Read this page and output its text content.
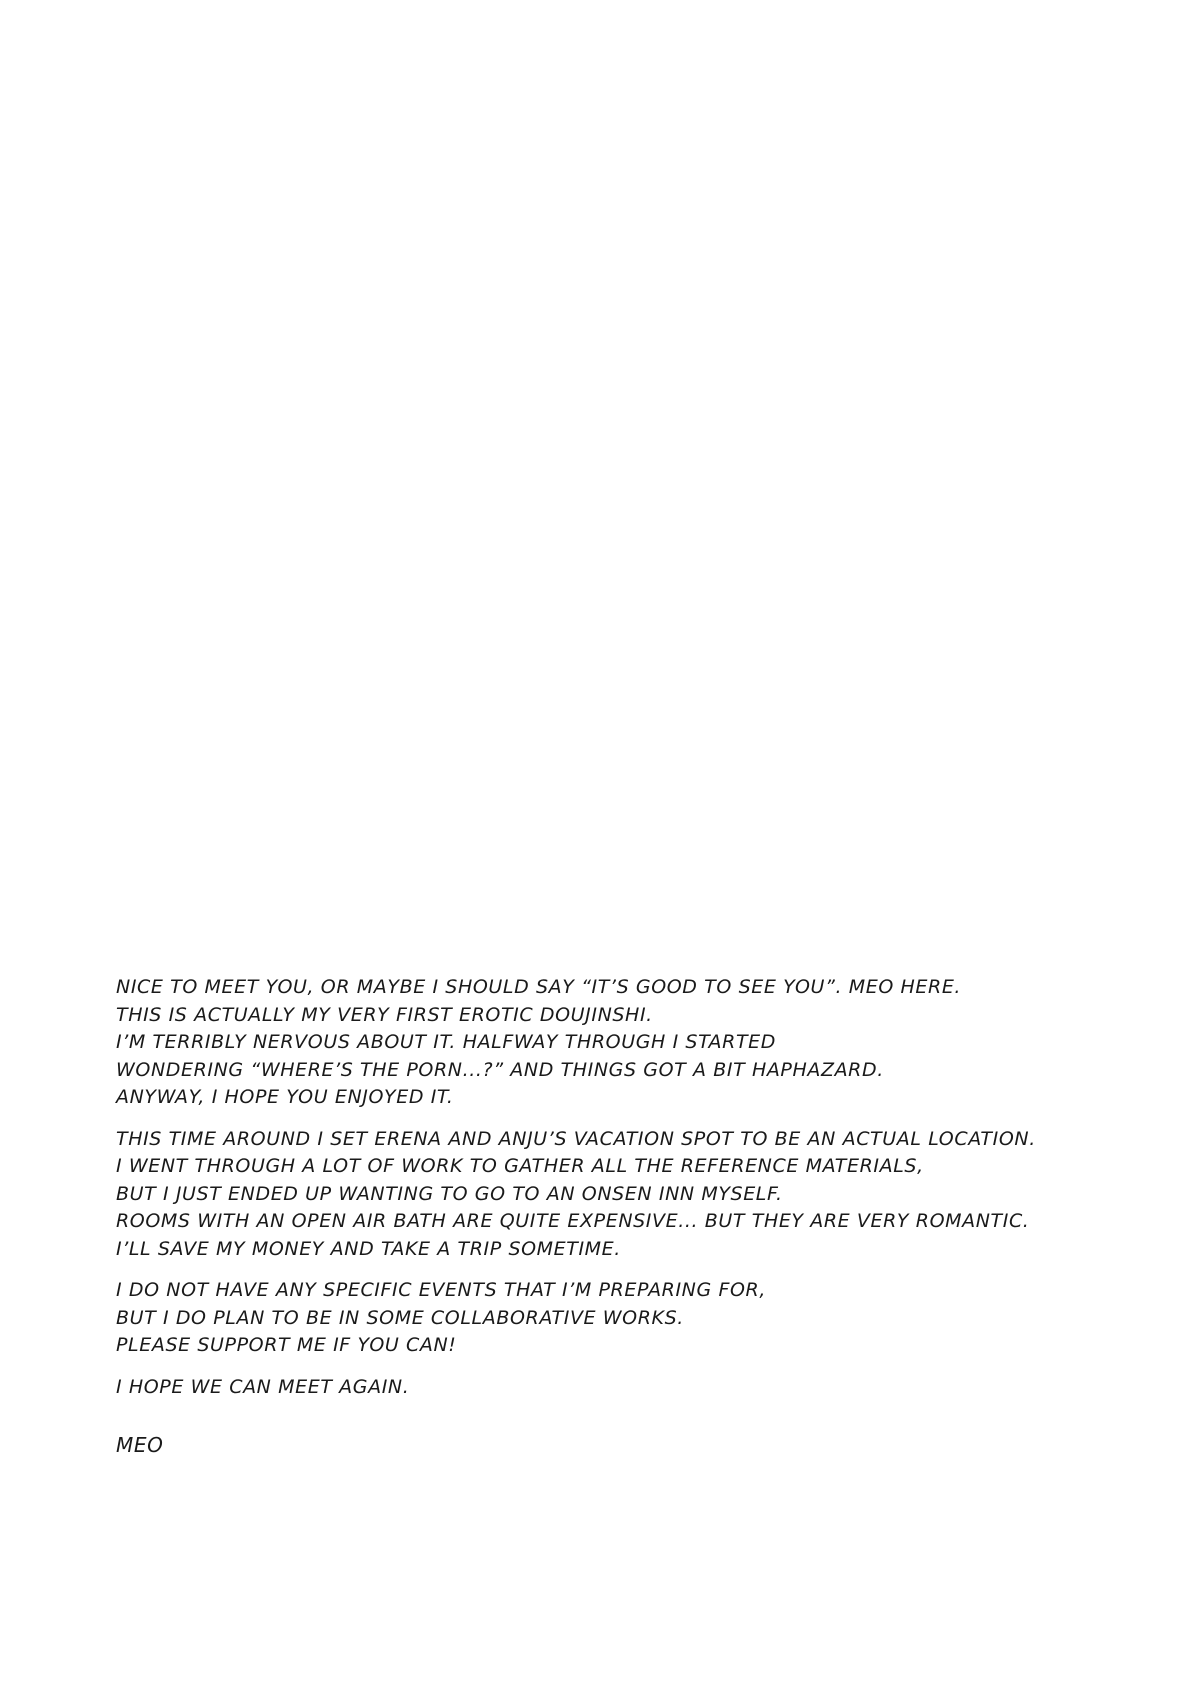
NICE TO MEET YOU, OR MAYBE I SHOULD SAY “IT’S GOOD TO SEE YOU”. MEO HERE.
THIS IS ACTUALLY MY VERY FIRST EROTIC DOUJINSHI.
I’M TERRIBLY NERVOUS ABOUT IT. HALFWAY THROUGH I STARTED
WONDERING “WHERE’S THE PORN...?” AND THINGS GOT A BIT HAPHAZARD.
ANYWAY, I HOPE YOU ENJOYED IT.

THIS TIME AROUND I SET ERENA AND ANJU’S VACATION SPOT TO BE AN ACTUAL LOCATION.
I WENT THROUGH A LOT OF WORK TO GATHER ALL THE REFERENCE MATERIALS,
BUT I JUST ENDED UP WANTING TO GO TO AN ONSEN INN MYSELF.
ROOMS WITH AN OPEN AIR BATH ARE QUITE EXPENSIVE... BUT THEY ARE VERY ROMANTIC.
I’LL SAVE MY MONEY AND TAKE A TRIP SOMETIME.

I DO NOT HAVE ANY SPECIFIC EVENTS THAT I’M PREPARING FOR,
BUT I DO PLAN TO BE IN SOME COLLABORATIVE WORKS.
PLEASE SUPPORT ME IF YOU CAN!

I HOPE WE CAN MEET AGAIN.

MEO
